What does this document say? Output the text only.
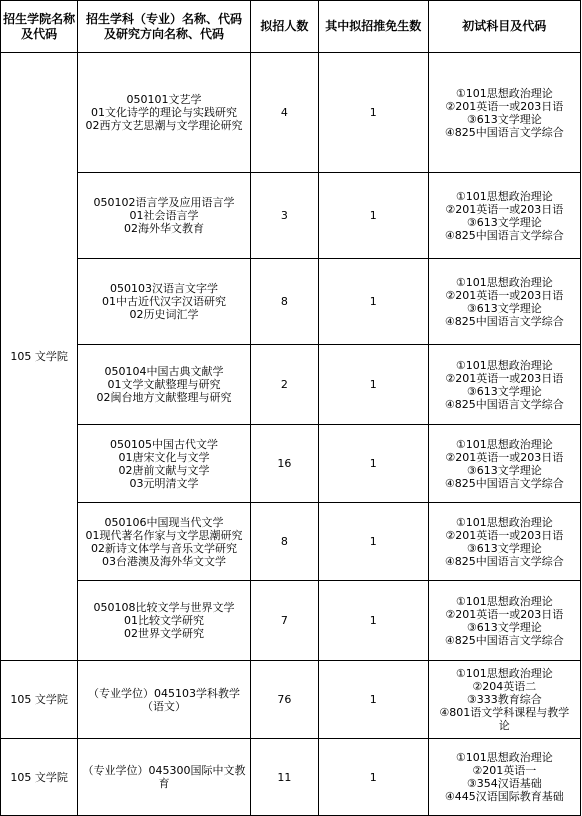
招生学院名称及代码	招生学科（专业）名称、代码及研究方向名称、代码	拟招人数	其中拟招推免生数	初试科目及代码
105 文学院	050101文艺学
01文化诗学的理论与实践研究
02西方文艺思潮与文学理论研究	4	1	①101思想政治理论
②201英语一或203日语
③613文学理论
④825中国语言文学综合

	050102语言学及应用语言学
01社会语言学
02海外华文教育	3	1	①101思想政治理论
②201英语一或203日语
③613文学理论
④825中国语言文学综合

	050103汉语言文字学
01中古近代汉字汉语研究
02历史词汇学	8	1	①101思想政治理论
②201英语一或203日语
③613文学理论
④825中国语言文学综合

	050104中国古典文献学
01文学文献整理与研究
02闽台地方文献整理与研究	2	1	①101思想政治理论
②201英语一或203日语
③613文学理论
④825中国语言文学综合

	050105中国古代文学
01唐宋文化与文学
02唐前文献与文学
03元明清文学	16	1	①101思想政治理论
②201英语一或203日语
③613文学理论
④825中国语言文学综合

	050106中国现当代文学
01现代著名作家与文学思潮研究
02新诗文体学与音乐文学研究
03台港澳及海外华文文学	8	1	①101思想政治理论
②201英语一或203日语
③613文学理论
④825中国语言文学综合

	050108比较文学与世界文学
01比较文学研究
02世界文学研究	7	1	①101思想政治理论
②201英语一或203日语
③613文学理论
④825中国语言文学综合

105 文学院	（专业学位）045103学科教学
（语文）	76	1	①101思想政治理论
②204英语二
③333教育综合
④801语文学科课程与教学
论

105 文学院	（专业学位）045300国际中文教
育	11	1	①101思想政治理论
②201英语一
③354汉语基础
④445汉语国际教育基础
